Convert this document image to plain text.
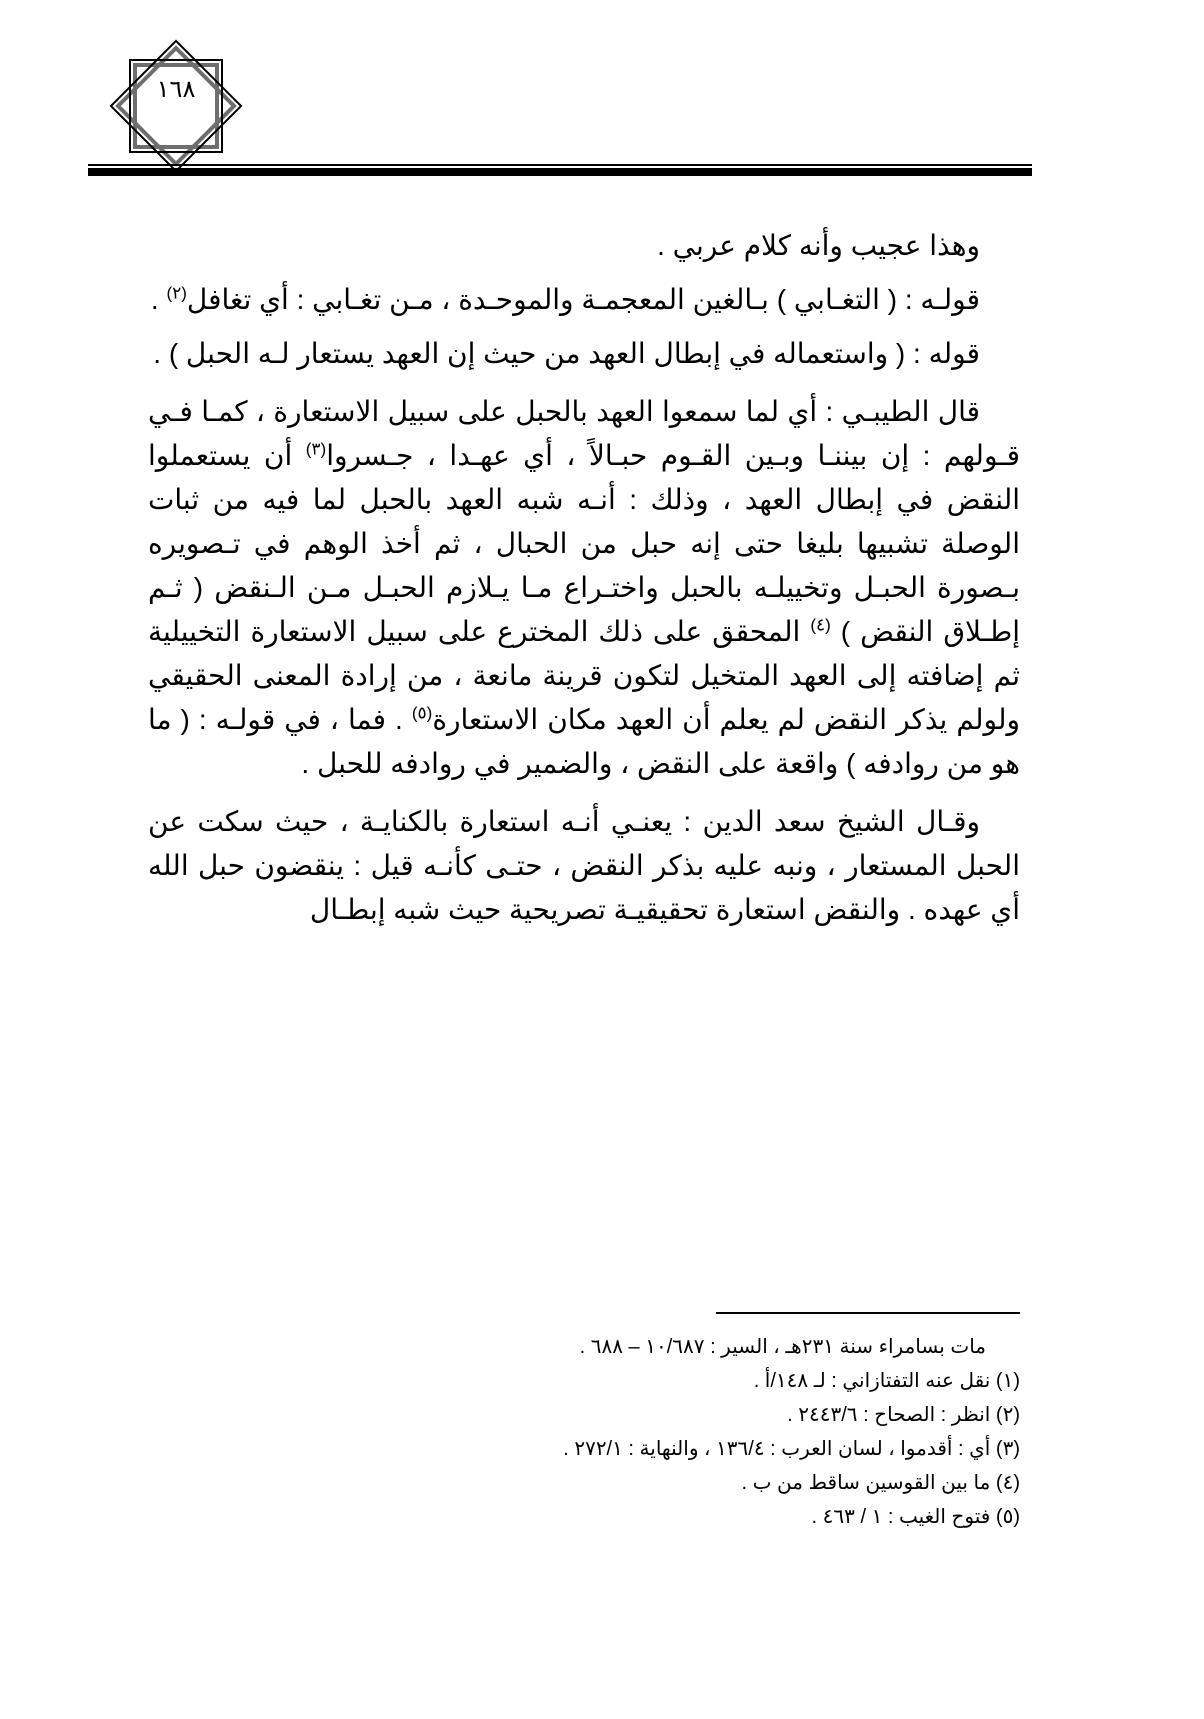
١٦٨

وهذا عجيب وأنه كلام عربي .

قولـه : ( التغـابي ) بـالغين المعجمـة والموحـدة ، مـن تغـابي : أي تغافل$^{(٢)}$ .

قوله : ( واستعماله في إبطال العهد من حيث إن العهد يستعار لـه الحبل ) .

قال الطيبـي : أي لما سمعوا العهد بالحبل على سبيل الاستعارة ، كمـا فـي قـولهم : إن بيننـا وبـين القـوم حبـالاً ، أي عهـدا ، جـسروا$^{(٣)}$ أن يستعملوا النقض في إبطال العهد ، وذلك : أنـه شبه العهد بالحبل لما فيه من ثبات الوصلة تشبيها بليغا حتى إنه حبل من الحبال ، ثم أخذ الوهم في تـصويره بـصورة الحبـل وتخييلـه بالحبل واختـراع مـا يـلازم الحبـل مـن الـنقض ( ثـم إطـلاق النقض ) $^{(٤)}$ المحقق على ذلك المخترع على سبيل الاستعارة التخييلية ثم إضافته إلى العهد المتخيل لتكون قرينة مانعة ، من إرادة المعنى الحقيقي ولولم يذكر النقض لم يعلم أن العهد مكان الاستعارة$^{(٥)}$ . فما ، في قولـه : ( ما هو من روادفه ) واقعة على النقض ، والضمير في روادفه للحبل .

وقـال الشيخ سعد الدين : يعنـي أنـه استعارة بالكنايـة ، حيث سكت عن الحبل المستعار ، ونبه عليه بذكر النقض ، حتـى كأنـه قيل : ينقضون حبل الله أي عهده . والنقض استعارة تحقيقيـة تصريحية حيث شبه إبطـال

مات بسامراء سنة ٢٣١هـ ، السير : ١٠/٦٨٧ – ٦٨٨ .
(١) نقل عنه التفتازاني : لـ ١٤٨/أ .
(٢) انظر : الصحاح : ٢٤٤٣/٦ .
(٣) أي : أقدموا ، لسان العرب : ١٣٦/٤ ، والنهاية : ٢٧٢/١ .
(٤) ما بين القوسين ساقط من ب .
(٥) فتوح الغيب : ١ / ٤٦٣ .
